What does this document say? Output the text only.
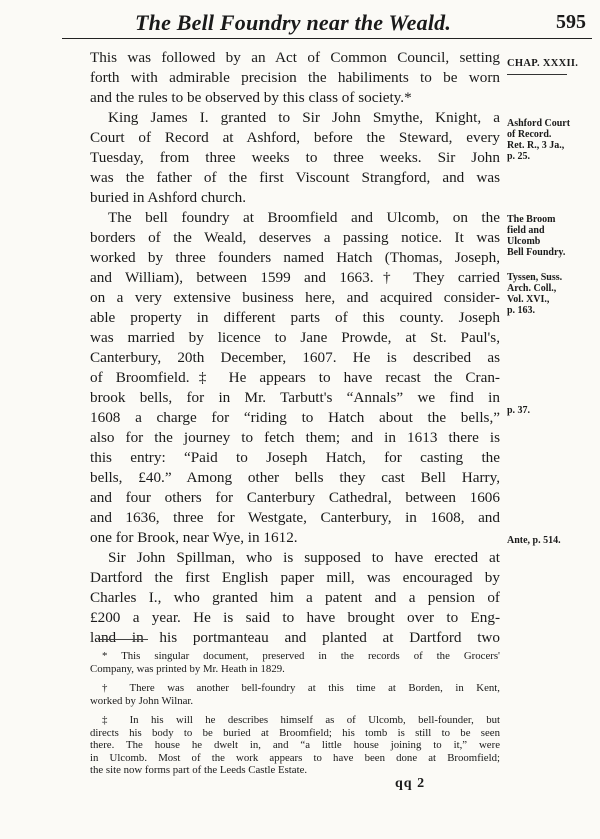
The Bell Foundry near the Weald.	595
This was followed by an Act of Common Council, setting
forth with admirable precision the habiliments to be worn
and the rules to be observed by this class of society.*
King James I. granted to Sir John Smythe, Knight, a
Court of Record at Ashford, before the Steward, every
Tuesday, from three weeks to three weeks. Sir John
was the father of the first Viscount Strangford, and was
buried in Ashford church.
The bell foundry at Broomfield and Ulcomb, on the
borders of the Weald, deserves a passing notice. It was
worked by three founders named Hatch (Thomas, Joseph,
and William), between 1599 and 1663.† They carried
on a very extensive business here, and acquired consider-
able property in different parts of this county. Joseph
was married by licence to Jane Prowde, at St. Paul's,
Canterbury, 20th December, 1607. He is described as
of Broomfield.‡ He appears to have recast the Cran-
brook bells, for in Mr. Tarbutt's “Annals” we find in
1608 a charge for “riding to Hatch about the bells,”
also for the journey to fetch them; and in 1613 there is
this entry: “Paid to Joseph Hatch, for casting the
bells, £40.” Among other bells they cast Bell Harry,
and four others for Canterbury Cathedral, between 1606
and 1636, three for Westgate, Canterbury, in 1608, and
one for Brook, near Wye, in 1612.
Sir John Spillman, who is supposed to have erected at
Dartford the first English paper mill, was encouraged by
Charles I., who granted him a patent and a pension of
£200 a year. He is said to have brought over to Eng-
land in his portmanteau and planted at Dartford two
CHAP. XXXII.
Ashford Court
of Record.
Ret. R., 3 Ja.,
p. 25.
The Broom
field and
Ulcomb
Bell Foundry.
Tyssen, Suss.
Arch. Coll.,
Vol. XVI.,
p. 163.
p. 37.
Ante, p. 514.
* This singular document, preserved in the records of the Grocers'
Company, was printed by Mr. Heath in 1829.
† There was another bell-foundry at this time at Borden, in Kent,
worked by John Wilnar.
‡ In his will he describes himself as of Ulcomb, bell-founder, but
directs his body to be buried at Broomfield; his tomb is still to be seen
there. The house he dwelt in, and “a little house joining to it,” were
in Ulcomb. Most of the work appears to have been done at Broomfield;
the site now forms part of the Leeds Castle Estate.
qq 2
